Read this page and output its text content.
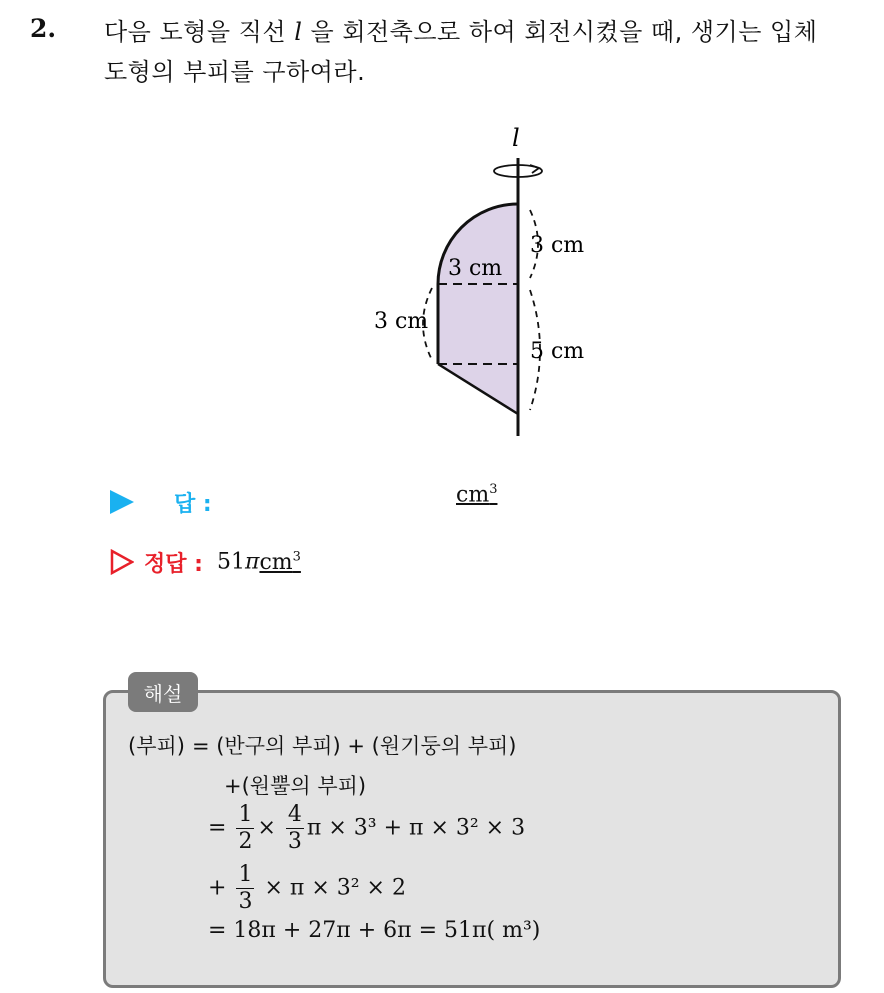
2. 다음 도형을 직선 l 을 회전축으로 하여 회전시켰을 때, 생기는 입체
도형의 부피를 구하여라.
l
3 cm
3 cm
3 cm
5 cm
답 :	$cm^3$
정답 : 51πcm$^3$
해설
(부피) = (반구의 부피) + (원기둥의 부피)
+(원뿔의 부피)
= $\frac{1}{2} \times \frac{4}{3}$ π × 3³ + π × 3² × 3
+ $\frac{1}{3} \times \pi \times 3^2 \times 2$
= 18π + 27π + 6π = 51π( m³)
